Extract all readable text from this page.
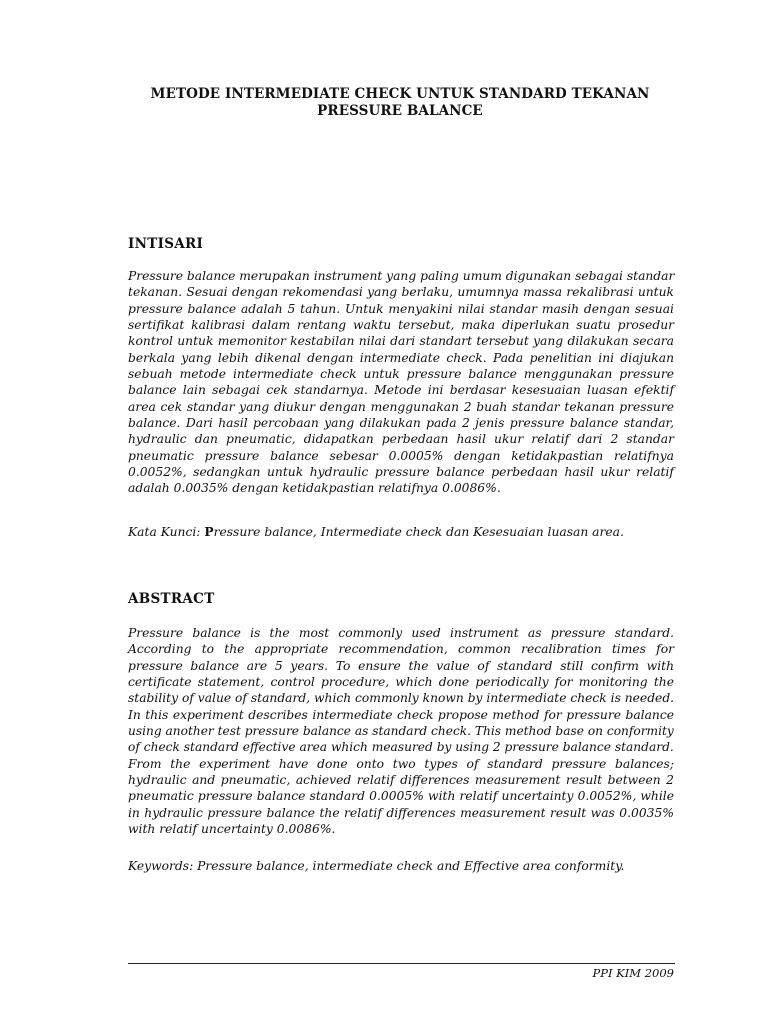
METODE INTERMEDIATE CHECK UNTUK STANDARD TEKANAN
PRESSURE BALANCE
INTISARI
Pressure balance merupakan instrument yang paling umum digunakan sebagai standar
tekanan. Sesuai dengan rekomendasi yang berlaku, umumnya massa rekalibrasi untuk
pressure balance adalah 5 tahun. Untuk menyakini nilai standar masih dengan sesuai
sertifikat kalibrasi dalam rentang waktu tersebut, maka diperlukan suatu prosedur
kontrol untuk memonitor kestabilan nilai dari standart tersebut yang dilakukan secara
berkala yang lebih dikenal dengan intermediate check. Pada penelitian ini diajukan
sebuah metode intermediate check untuk pressure balance menggunakan pressure
balance lain sebagai cek standarnya. Metode ini berdasar kesesuaian luasan efektif
area cek standar yang diukur dengan menggunakan 2 buah standar tekanan pressure
balance. Dari hasil percobaan yang dilakukan pada 2 jenis pressure balance standar,
hydraulic dan pneumatic, didapatkan perbedaan hasil ukur relatif dari 2 standar
pneumatic pressure balance sebesar 0.0005% dengan ketidakpastian relatifnya
0.0052%, sedangkan untuk hydraulic pressure balance perbedaan hasil ukur relatif
adalah 0.0035% dengan ketidakpastian relatifnya 0.0086%.
Kata Kunci: Pressure balance, Intermediate check dan Kesesuaian luasan area.
ABSTRACT
Pressure balance is the most commonly used instrument as pressure standard.
According to the appropriate recommendation, common recalibration times for
pressure balance are 5 years. To ensure the value of standard still confirm with
certificate statement, control procedure, which done periodically for monitoring the
stability of value of standard, which commonly known by intermediate check is needed.
In this experiment describes intermediate check propose method for pressure balance
using another test pressure balance as standard check. This method base on conformity
of check standard effective area which measured by using 2 pressure balance standard.
From the experiment have done onto two types of standard pressure balances;
hydraulic and pneumatic, achieved relatif differences measurement result between 2
pneumatic pressure balance standard 0.0005% with relatif uncertainty 0.0052%, while
in hydraulic pressure balance the relatif differences measurement result was 0.0035%
with relatif uncertainty 0.0086%.
Keywords: Pressure balance, intermediate check and Effective area conformity.
PPI KIM 2009
